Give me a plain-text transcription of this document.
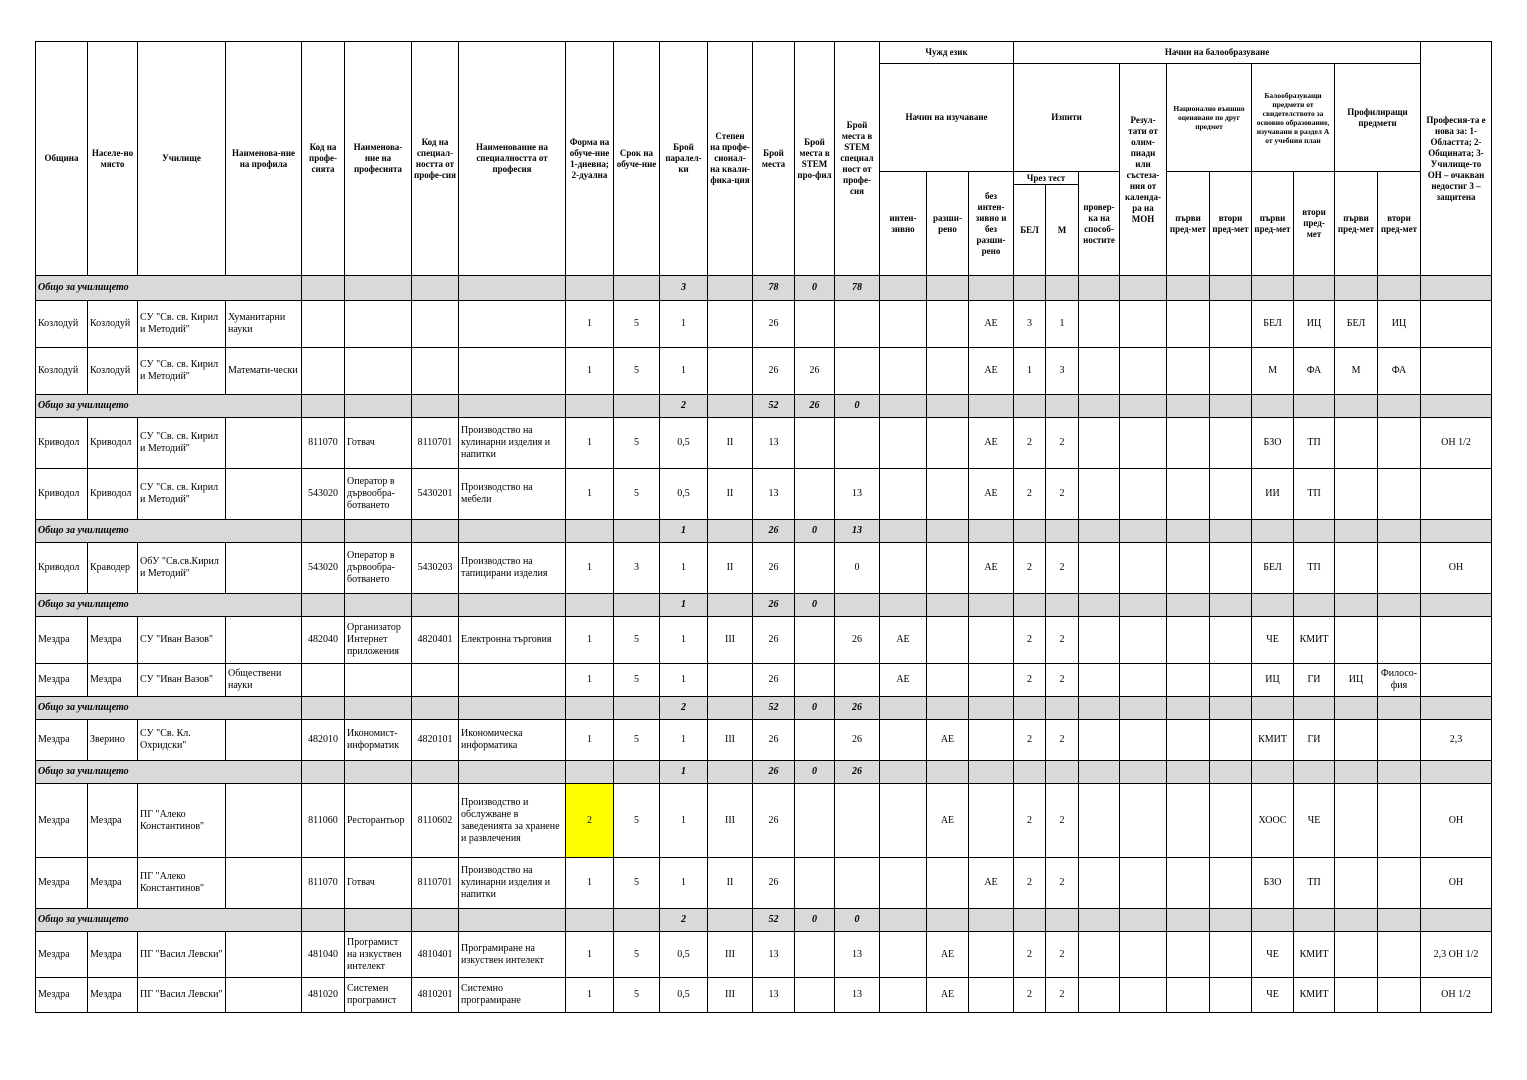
Община	Населе-но място	Училище	Наименова-ние на профила	Код на профе-сията	Наименова-ние на професията	Код на специал-ността от профе-сия	Наименование на специалността от професия	Форма на обуче-ние 1-дневна; 2-дуална	Срок на обуче-ние	Брой паралел-ки	Степен на профе-сионал-на квали-фика-ция	Брой места	Брой места в STEM про-фил	Брой места в STEM специал ност от профе-сия	Чужд език			Начин на балообразуване										Професия-та е нова за: 1- Областта; 2-Общината; 3-Училище-то ОН – очакван недостиг 3 – защитена
															Начин на изучаване			Изпити			Резул-тати от олим-пиади или състеза-ния от календа-ра на МОН	Национално външно оценяване по друг предмет		Балообразуващи предмети от свидетелството за основно образование, изучавани в раздел А от учебния план		Профилиращи предмети		
															интен-зивно	разши-рено	без интен-зивно и без разши-рено	Чрез тест		провер-ка на способ-ностите		първи пред-мет	втори пред-мет	първи пред-мет	втори пред-мет	първи пред-мет	втори пред-мет	
																		БЕЛ	М									
Общо за училището										3		78	0	78														
Козлодуй	Козлодуй	СУ "Св. св. Кирил и Методий"	Хуманитарни науки					1	5	1		26					АЕ	3	1					БЕЛ	ИЦ	БЕЛ	ИЦ	
Козлодуй	Козлодуй	СУ "Св. св. Кирил и Методий"	Математи-чески					1	5	1		26	26				АЕ	1	3					М	ФА	М	ФА	
Общо за училището										2		52	26	0														
Криводол	Криводол	СУ "Св. св. Кирил и Методий"		811070	Готвач	8110701	Производство на кулинарни изделия и напитки	1	5	0,5	II	13					АЕ	2	2					БЗО	ТП			ОН 1/2
Криводол	Криводол	СУ "Св. св. Кирил и Методий"		543020	Оператор в дървообра-ботването	5430201	Производство на мебели	1	5	0,5	II	13		13			АЕ	2	2					ИИ	ТП			
Общо за училището										1		26	0	13														
Криводол	Краводер	ОбУ "Св.св.Кирил и Методий"		543020	Оператор в дървообра-ботването	5430203	Производство на тапицирани изделия	1	3	1	II	26		0			АЕ	2	2					БЕЛ	ТП			ОН
Общо за училището										1		26	0															
Мездра	Мездра	СУ "Иван Вазов"		482040	Организатор Интернет приложения	4820401	Електронна търговия	1	5	1	III	26		26	АЕ			2	2					ЧЕ	КМИТ			
Мездра	Мездра	СУ "Иван Вазов"	Обществени науки					1	5	1		26			АЕ			2	2					ИЦ	ГИ	ИЦ	Филосо-фия	
Общо за училището										2		52	0	26														
Мездра	Зверино	СУ "Св. Кл. Охридски"		482010	Икономист-информатик	4820101	Икономическа информатика	1	5	1	III	26		26		АЕ		2	2					КМИТ	ГИ			2,3
Общо за училището										1		26	0	26														
Мездра	Мездра	ПГ "Алеко Константинов"		811060	Ресторантьор	8110602	Производство и обслужване в заведенията за хранене и развлечения	2	5	1	III	26				АЕ		2	2					ХООС	ЧЕ			ОН
Мездра	Мездра	ПГ "Алеко Константинов"		811070	Готвач	8110701	Производство на кулинарни изделия и напитки	1	5	1	II	26					АЕ	2	2					БЗО	ТП			ОН
Общо за училището										2		52	0	0														
Мездра	Мездра	ПГ "Васил Левски"		481040	Програмист на изкуствен интелект	4810401	Програмиране на изкуствен интелект	1	5	0,5	III	13		13		АЕ		2	2					ЧЕ	КМИТ			2,3 ОН 1/2
Мездра	Мездра	ПГ "Васил Левски"		481020	Системен програмист	4810201	Системно програмиране	1	5	0,5	III	13		13		АЕ		2	2					ЧЕ	КМИТ			ОН 1/2
